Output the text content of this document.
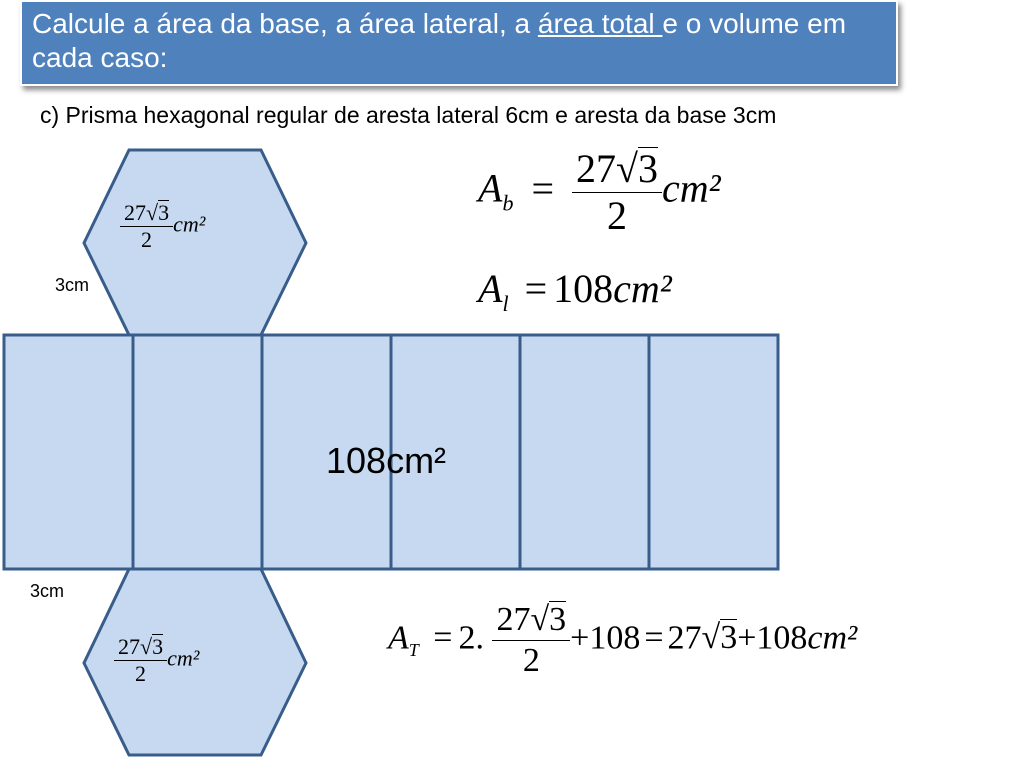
Calcule a área da base, a área lateral, a área total e o volume em cada caso:
c) Prisma hexagonal regular de aresta lateral 6cm e aresta da base 3cm
3cm
3cm
108cm²
$\frac{27√3}{2} cm^2$
$\frac{27√3}{2} cm^2$
$A_b = \frac{27√3}{2} cm^2$
$A_l = 108cm^2$
$A_T = 2$. $\frac{27√3}{2} +108 = 27√3+108cm^2$
